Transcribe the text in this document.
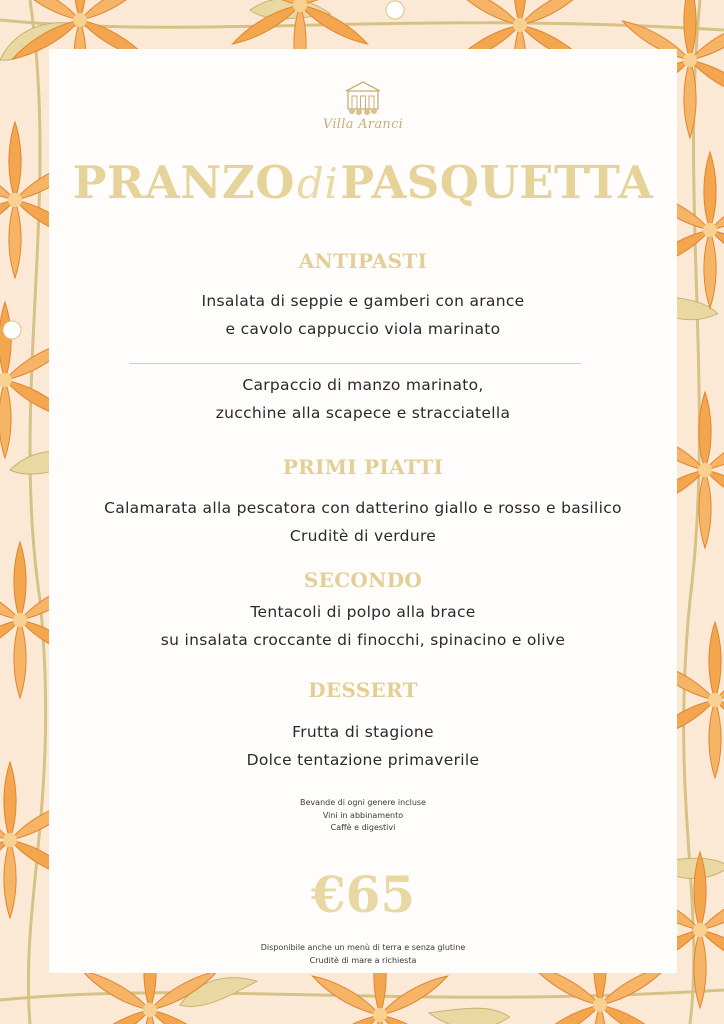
Villa Aranci
PRANZOdiPASQUETTA
ANTIPASTI
Insalata di seppie e gamberi con arance
e cavolo cappuccio viola marinato
Carpaccio di manzo marinato,
zucchine alla scapece e stracciatella
PRIMI PIATTI
Calamarata alla pescatora con datterino giallo e rosso e basilico
Cruditè di verdure
SECONDO
Tentacoli di polpo alla brace
su insalata croccante di finocchi, spinacino e olive
DESSERT
Frutta di stagione
Dolce tentazione primaverile
Bevande di ogni genere incluse
Vini in abbinamento
Caffè e digestivi
€65
Disponibile anche un menù di terra e senza glutine
Cruditè di mare a richiesta
